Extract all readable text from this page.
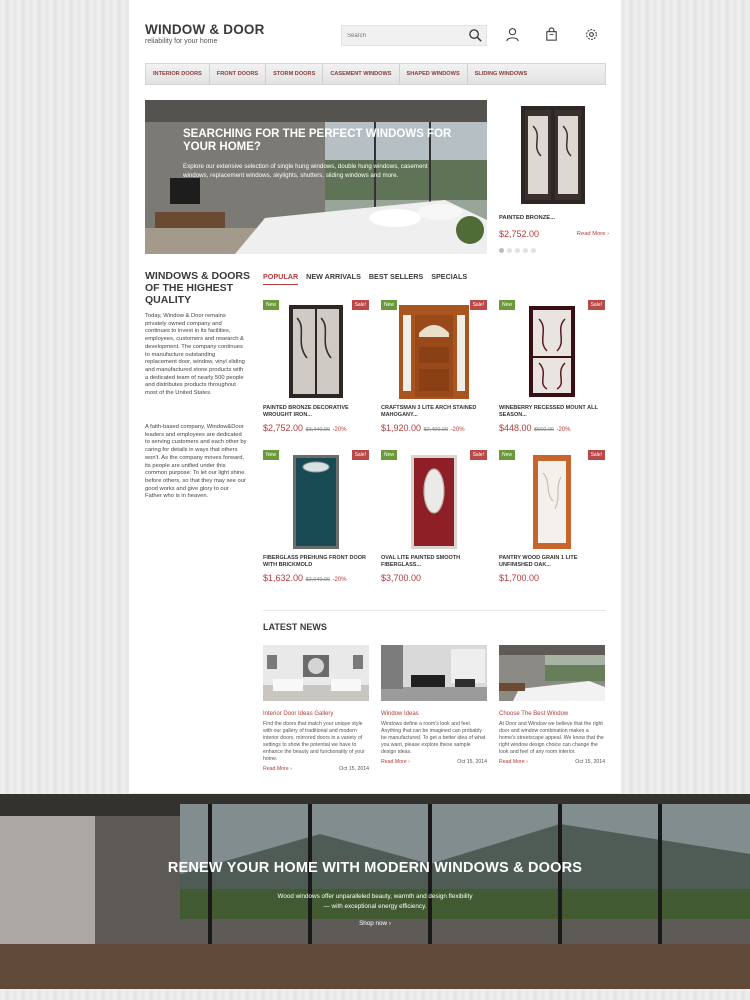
WINDOW & DOOR
reliability for your home
Search
INTERIOR DOORS	FRONT DOORS	STORM DOORS	CASEMENT WINDOWS	SHAPED WINDOWS	SLIDING WINDOWS
SEARCHING FOR THE PERFECT WINDOWS FOR YOUR HOME?
Explore our extensive selection of single hung windows, double hung windows, casement windows, replacement windows, skylights, shutters, sliding windows and more.
PAINTED BRONZE...
$2,752.00	Read More ›
WINDOWS & DOORS OF THE HIGHEST QUALITY
Today, Window & Door remains privately owned company and continues to invest in its facilities, employees, customers and research & development. The company continues to manufacture outstanding replacement door, window, vinyl sliding and manufactured stone products with a dedicated team of nearly 500 people and distributes products throughout most of the United States.
A faith-based company, Window&Door leaders and employees are dedicated to serving customers and each other by caring for details in ways that others won't. As the company moves forward, its people are unified under this common purpose: To let our light shine before others, so that they may see our good works and give glory to our Father who is in heaven.
POPULAR NEW ARRIVALS BEST SELLERS SPECIALS
New	Sale!
PAINTED BRONZE DECORATIVE WROUGHT IRON...
$2,752.00 $3,440.00 -20%
New	Sale!
CRAFTSMAN 3 LITE ARCH STAINED MAHOGANY...
$1,920.00 $2,400.00 -20%
New	Sale!
WINEBERRY RECESSED MOUNT ALL SEASON...
$448.00 $560.00 -20%
New	Sale!
FIBERGLASS PREHUNG FRONT DOOR WITH BRICKMOLD
$1,632.00 $2,040.00 -20%
New	Sale!
OVAL LITE PAINTED SMOOTH FIBERGLASS...
$3,700.00
New	Sale!
PANTRY WOOD GRAIN 1 LITE UNFINISHED OAK...
$1,700.00
LATEST NEWS
Interior Door Ideas Gallery
Find the doors that match your unique style with our gallery of traditional and modern interior doors, mirrored doors in a variety of settings to show the potential we have to enhance the beauty and functionality of your home.
Read More ›	Oct 15, 2014
Window Ideas
Windows define a room's look and feel. Anything that can be imagined can probably be manufactured. To get a better idea of what you want, please explore these sample design ideas.
Read More ›	Oct 15, 2014
Choose The Best Window
At Door and Window we believe that the right door and window combination makes a home's streetscape appeal. We know that the right window design choice can change the look and feel of any room interior.
Read More ›	Oct 15, 2014
RENEW YOUR HOME WITH MODERN WINDOWS & DOORS
Wood windows offer unparalleled beauty, warmth and design flexibility — with exceptional energy efficiency.
Shop now ›
